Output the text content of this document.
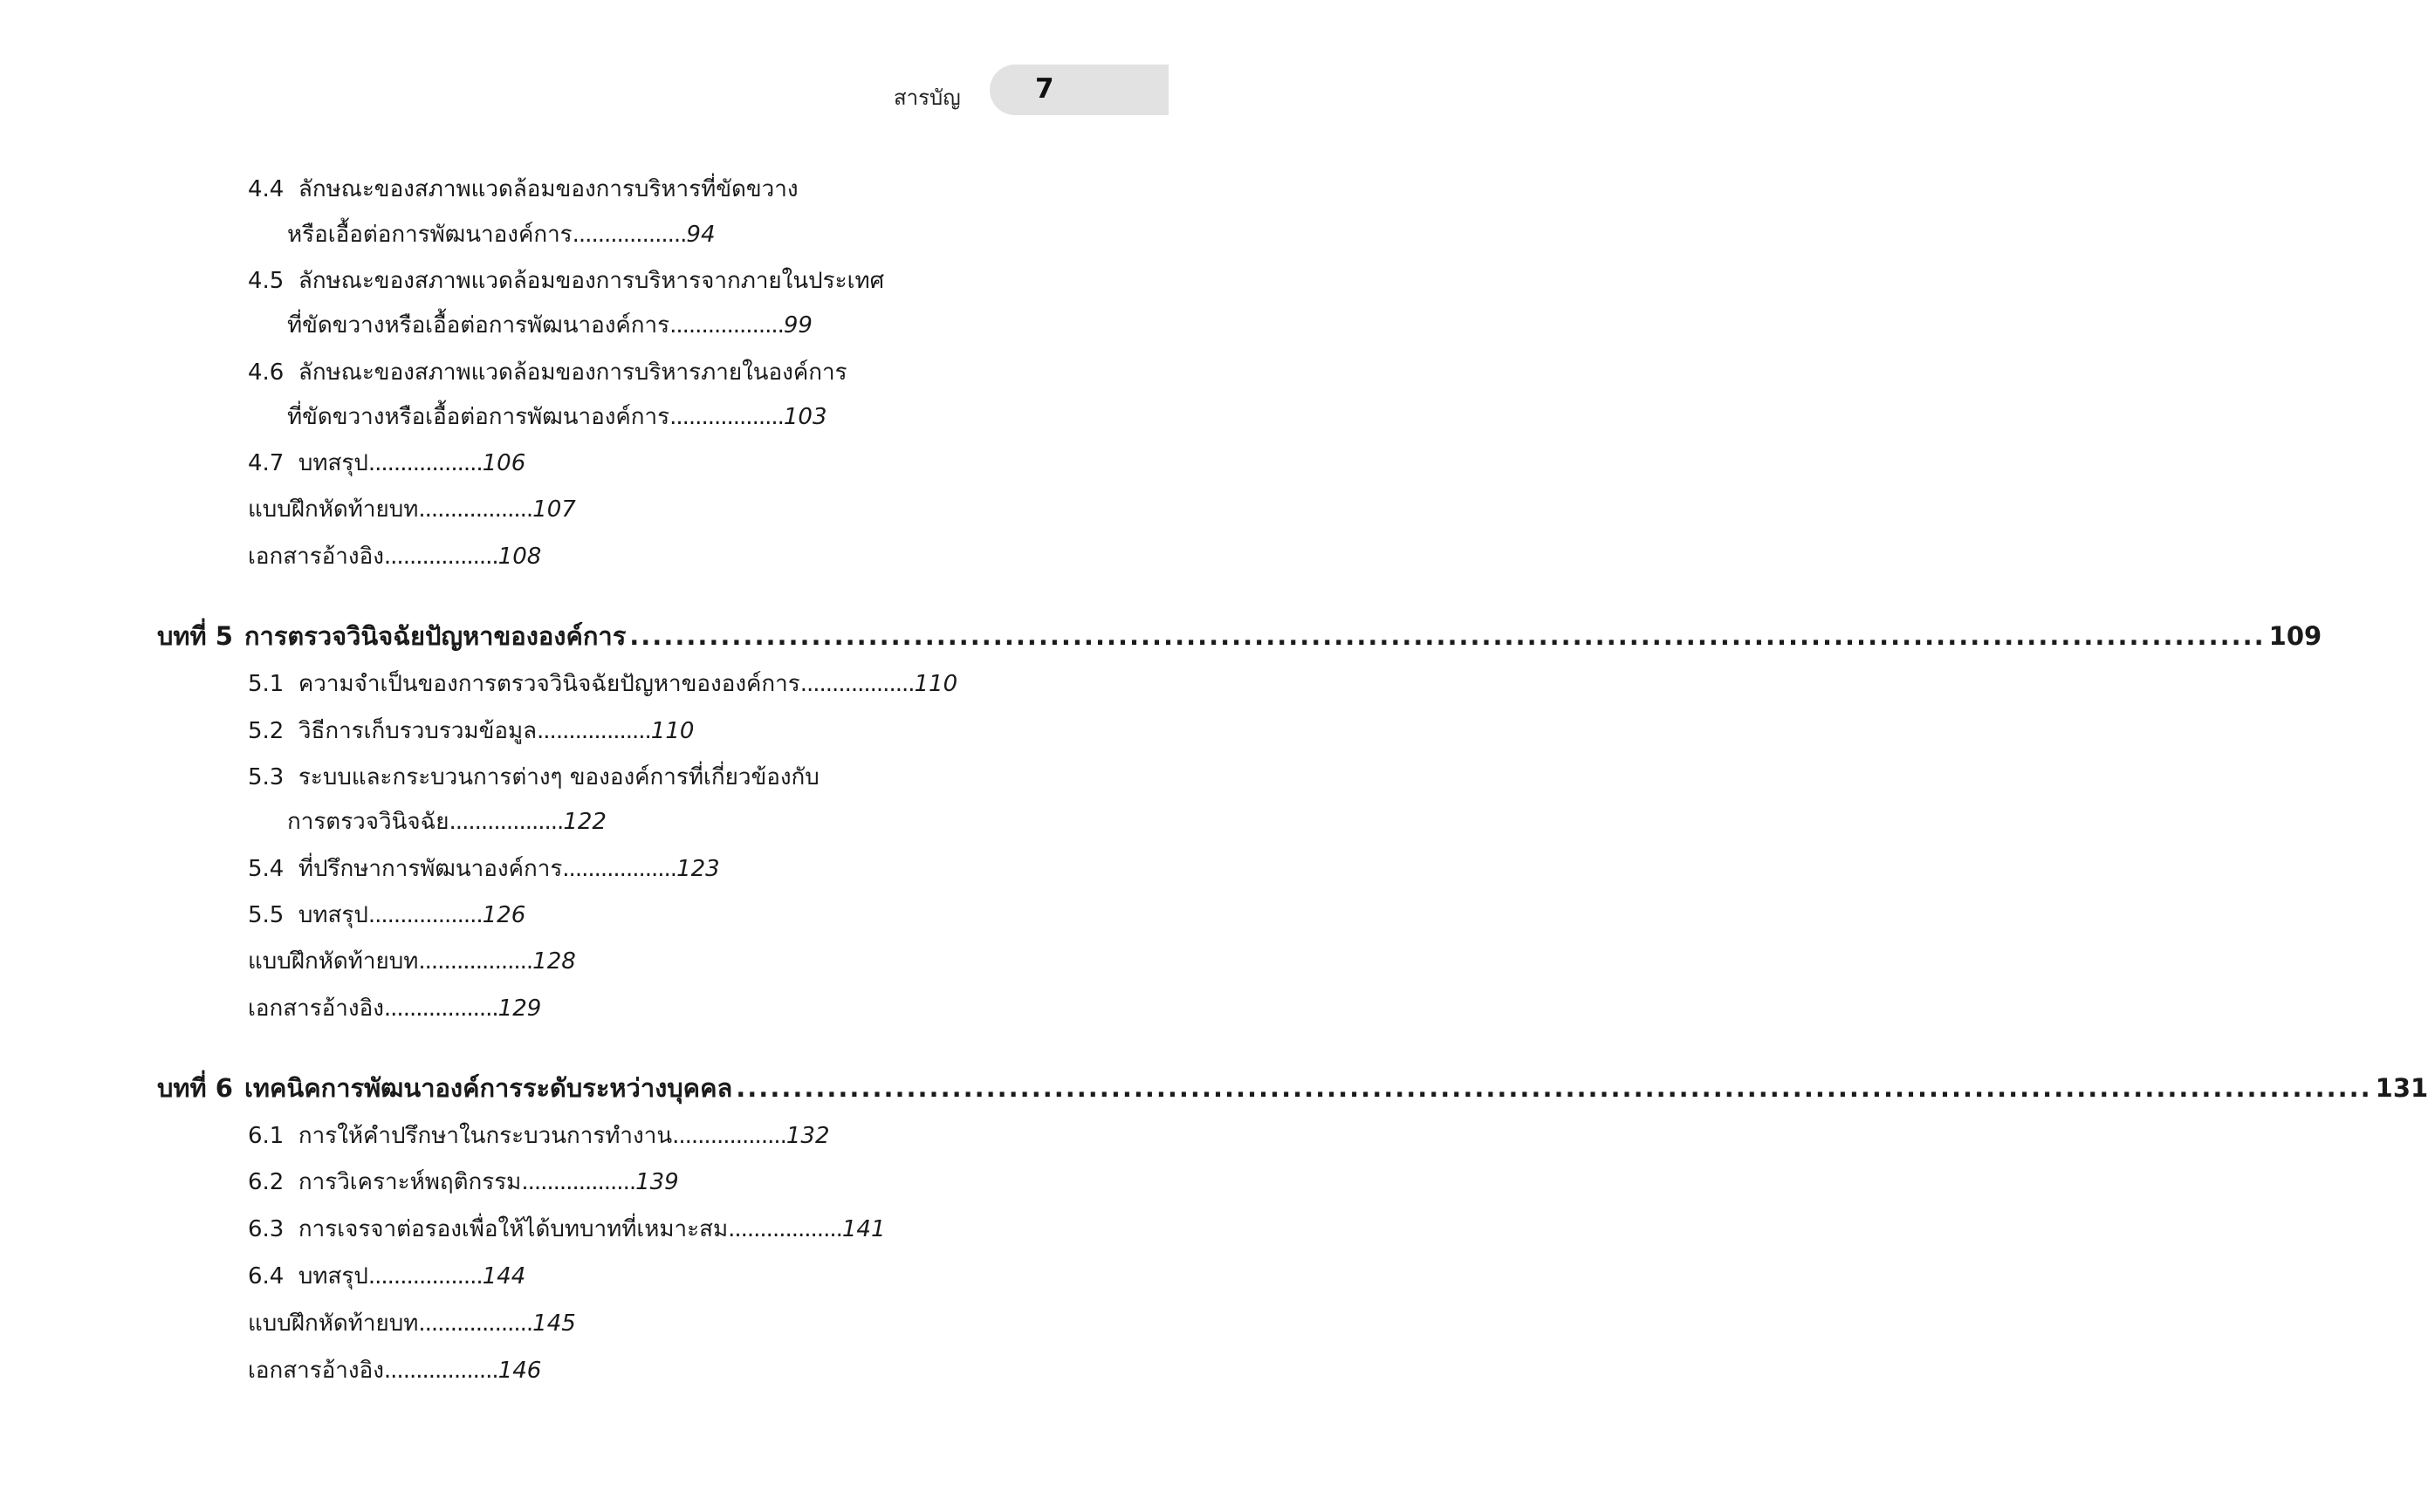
สารบัญ	7
4.4 ลักษณะของสภาพแวดล้อมของการบริหารที่ขัดขวาง
หรือเอื้อต่อการพัฒนาองค์การ..................94
4.5 ลักษณะของสภาพแวดล้อมของการบริหารจากภายในประเทศ
ที่ขัดขวางหรือเอื้อต่อการพัฒนาองค์การ..................99
4.6 ลักษณะของสภาพแวดล้อมของการบริหารภายในองค์การ
ที่ขัดขวางหรือเอื้อต่อการพัฒนาองค์การ..................103
4.7 บทสรุป..................106
แบบฝึกหัดท้ายบท..................107
เอกสารอ้างอิง..................108
บทที่ 5 การตรวจวินิจฉัยปัญหาขององค์การ ................................................................................................................................................ 109
5.1 ความจำเป็นของการตรวจวินิจฉัยปัญหาขององค์การ..................110
5.2 วิธีการเก็บรวบรวมข้อมูล..................110
5.3 ระบบและกระบวนการต่างๆ ขององค์การที่เกี่ยวข้องกับ
การตรวจวินิจฉัย..................122
5.4 ที่ปรึกษาการพัฒนาองค์การ..................123
5.5 บทสรุป..................126
แบบฝึกหัดท้ายบท..................128
เอกสารอ้างอิง..................129
บทที่ 6 เทคนิคการพัฒนาองค์การระดับระหว่างบุคคล ................................................................................................................................................ 131
6.1 การให้คำปรึกษาในกระบวนการทำงาน..................132
6.2 การวิเคราะห์พฤติกรรม..................139
6.3 การเจรจาต่อรองเพื่อให้ได้บทบาทที่เหมาะสม..................141
6.4 บทสรุป..................144
แบบฝึกหัดท้ายบท..................145
เอกสารอ้างอิง..................146
